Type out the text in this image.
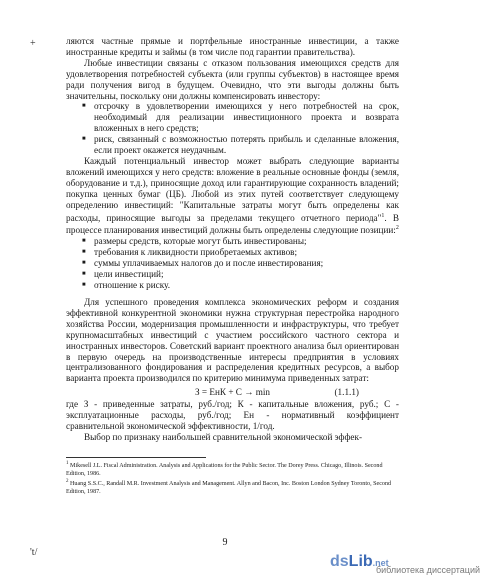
+
't/

ляются частные прямые и портфельные иностранные инвестиции, а также иностранные кредиты и займы (в том числе под гарантии правительства).

Любые инвестиции связаны с отказом пользования имеющихся средств для удовлетворения потребностей субъекта (или группы субъектов) в настоящее время ради получения вигод в будущем. Очевидно, что эти выгоды должны быть значительны, поскольку они должны компенсировать инвестору:

■ отсрочку в удовлетворении имеющихся у него потребностей на срок, необходимый для реализации инвестиционного проекта и возврата вложенных в него средств;
■ риск, связанный с возможностью потерять прибыль и сделанные вложения, если проект окажется неудачным.

Каждый потенциальный инвестор может выбрать следующие варианты вложений имеющихся у него средств: вложение в реальные основные фонды (земля, оборудование и т.д.), приносящие доход или гарантирующие сохранность владений; покупка ценных бумаг (ЦБ). Любой из этих путей соответствует следующему определению инвестиций: "Капитальные затраты могут быть определены как расходы, приносящие выгоды за пределами текущего отчетного периода"$^1$. В процессе планирования инвестиций должны быть определены следующие позиции:$^2$

■ размеры средств, которые могут быть инвестированы;
■ требования к ликвидности приобретаемых активов;
■ суммы уплачиваемых налогов до и после инвестирования;
■ цели инвестиций;
■ отношение к риску.

Для успешного проведения комплекса экономических реформ и создания эффективной конкурентной экономики нужна структурная перестройка народного хозяйства России, модернизация промышленности и инфраструктуры, что требует крупномасштабных инвестиций с участием российского частного сектора и иностранных инвесторов. Советский вариант проектного анализа был ориентирован в первую очередь на производственные интересы предприятия в условиях централизованного фондирования и распределения кредитных ресурсов, а выбор варианта проекта производился по критерию минимума приведенных затрат:

З = ЕнК + С → min	(1.1.1)

где З - приведенные затраты, руб./год; К - капитальные вложения, руб.; С - эксплуатационные расходы, руб./год; Ен - нормативный коэффициент сравнительной экономической эффективности, 1/год.

Выбор по признаку наибольшей сравнительной экономической эффек-

$^1$ Mikesell J.L. Fiscal Administration. Analysis and Applications for the Public Sector. The Dorey Press. Chicago, Illinois. Second Edition, 1986.

$^2$ Huang S.S.C., Randall M.R. Investment Analysis and Management. Allyn and Bacon, Inc. Boston London Sydney Toronto, Second Edition, 1987.

9
ds Lib .net
библиотека диссертаций
